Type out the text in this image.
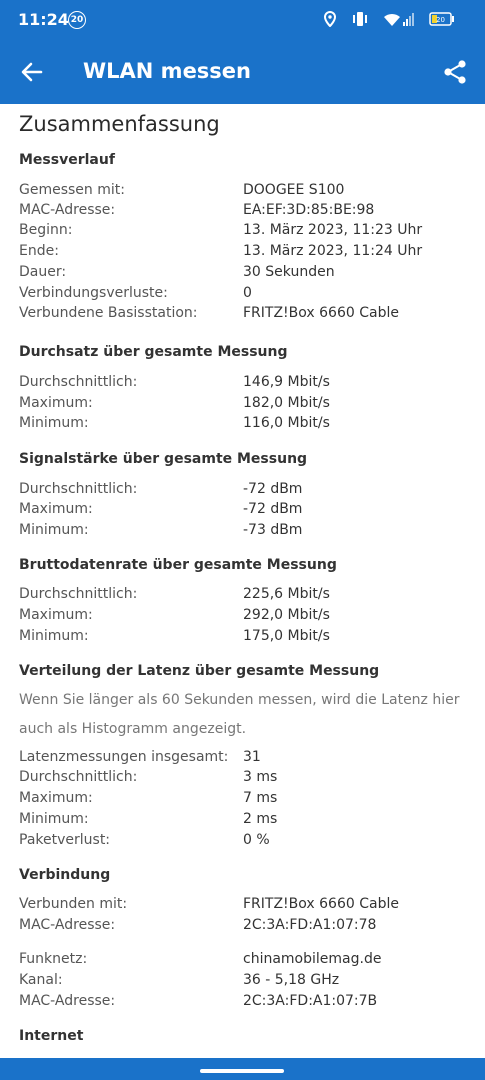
11:24 20	20
WLAN messen
Zusammenfassung
Messverlauf
Gemessen mit:	DOOGEE S100
MAC-Adresse:	EA:EF:3D:85:BE:98
Beginn:	13. März 2023, 11:23 Uhr
Ende:	13. März 2023, 11:24 Uhr
Dauer:	30 Sekunden
Verbindungsverluste:	0
Verbundene Basisstation:	FRITZ!Box 6660 Cable
Durchsatz über gesamte Messung
Durchschnittlich:	146,9 Mbit/s
Maximum:	182,0 Mbit/s
Minimum:	116,0 Mbit/s
Signalstärke über gesamte Messung
Durchschnittlich:	-72 dBm
Maximum:	-72 dBm
Minimum:	-73 dBm
Bruttodatenrate über gesamte Messung
Durchschnittlich:	225,6 Mbit/s
Maximum:	292,0 Mbit/s
Minimum:	175,0 Mbit/s
Verteilung der Latenz über gesamte Messung
Wenn Sie länger als 60 Sekunden messen, wird die Latenz hier auch als Histogramm angezeigt.
Latenzmessungen insgesamt: 31
Durchschnittlich:	3 ms
Maximum:	7 ms
Minimum:	2 ms
Paketverlust:	0 %
Verbindung
Verbunden mit:	FRITZ!Box 6660 Cable
MAC-Adresse:	2C:3A:FD:A1:07:78
Funknetz:	chinamobilemag.de
Kanal:	36 - 5,18 GHz
MAC-Adresse:	2C:3A:FD:A1:07:7B
Internet
